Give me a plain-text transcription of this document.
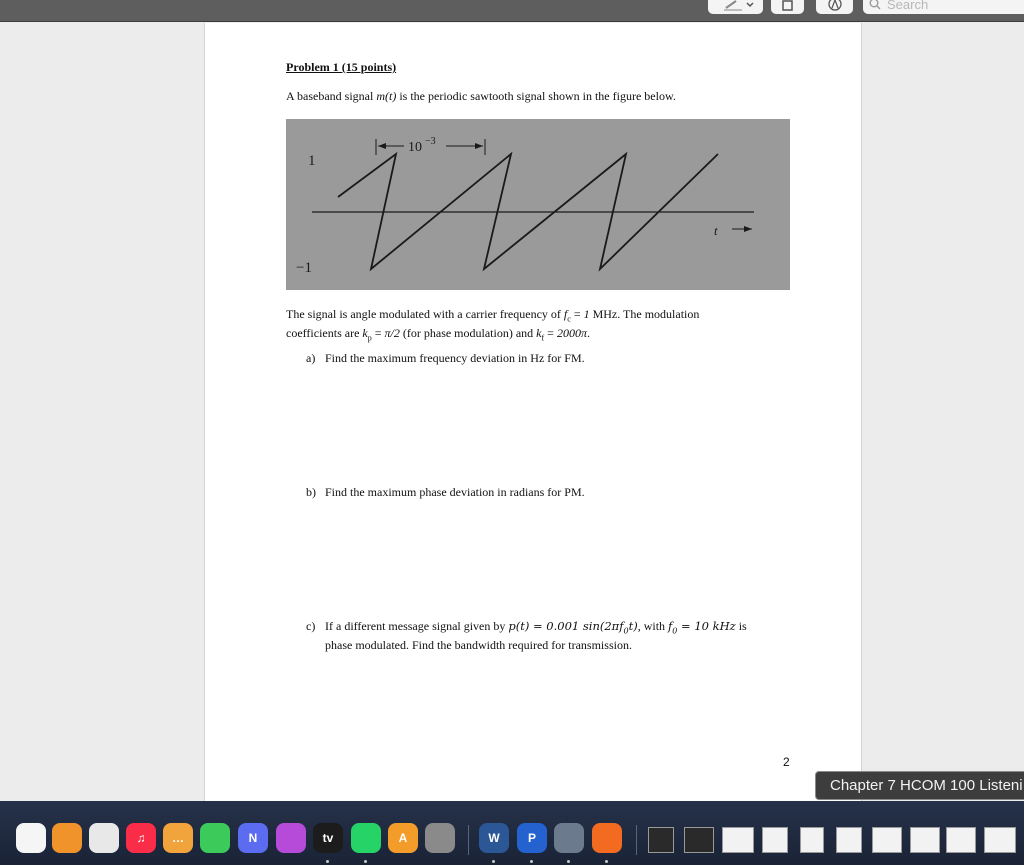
Search
Problem 1 (15 points)
A baseband signal m(t) is the periodic sawtooth signal shown in the figure below.
10 −3
1
−1
t
The signal is angle modulated with a carrier frequency of $f_c = 1$ MHz. The modulation coefficients are $k_p = \pi/2$ (for phase modulation) and $k_f = 2000\pi$.
a) Find the maximum frequency deviation in Hz for FM.
b) Find the maximum phase deviation in radians for PM.
c) If a different message signal given by p(t) = 0.001 $\sin(2\pi f_0t)$, with $f_0 = 10$ kHz is
phase modulated. Find the bandwidth required for transmission.
2
Chapter 7 HCOM 100 Listeni
♫	…	N	tv	A	W	P
